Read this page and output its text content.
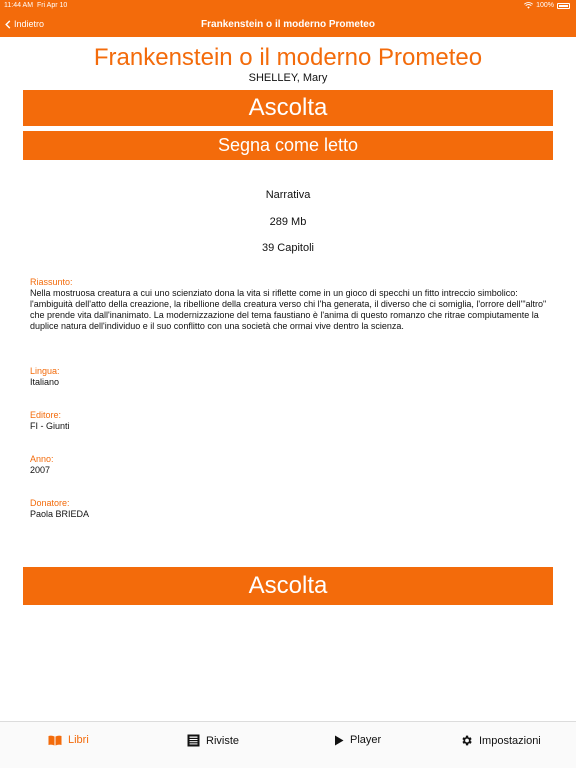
11:44 AM Fri Apr 10	100%
Indietro	Frankenstein o il moderno Prometeo
Frankenstein o il moderno Prometeo
SHELLEY, Mary
Ascolta
Segna come letto
Narrativa
289 Mb
39 Capitoli
Riassunto:
Nella mostruosa creatura a cui uno scienziato dona la vita si riflette come in un gioco di specchi un fitto intreccio simbolico: l'ambiguità dell'atto della creazione, la ribellione della creatura verso chi l'ha generata, il diverso che ci somiglia, l'orrore dell'"altro" che prende vita dall'inanimato. La modernizzazione del tema faustiano è l'anima di questo romanzo che ritrae compiutamente la duplice natura dell'individuo e il suo conflitto con una società che ormai vive dentro la scienza.
Lingua:
Italiano
Editore:
FI - Giunti
Anno:
2007
Donatore:
Paola BRIEDA
Ascolta
Libri	Riviste	Player	Impostazioni
